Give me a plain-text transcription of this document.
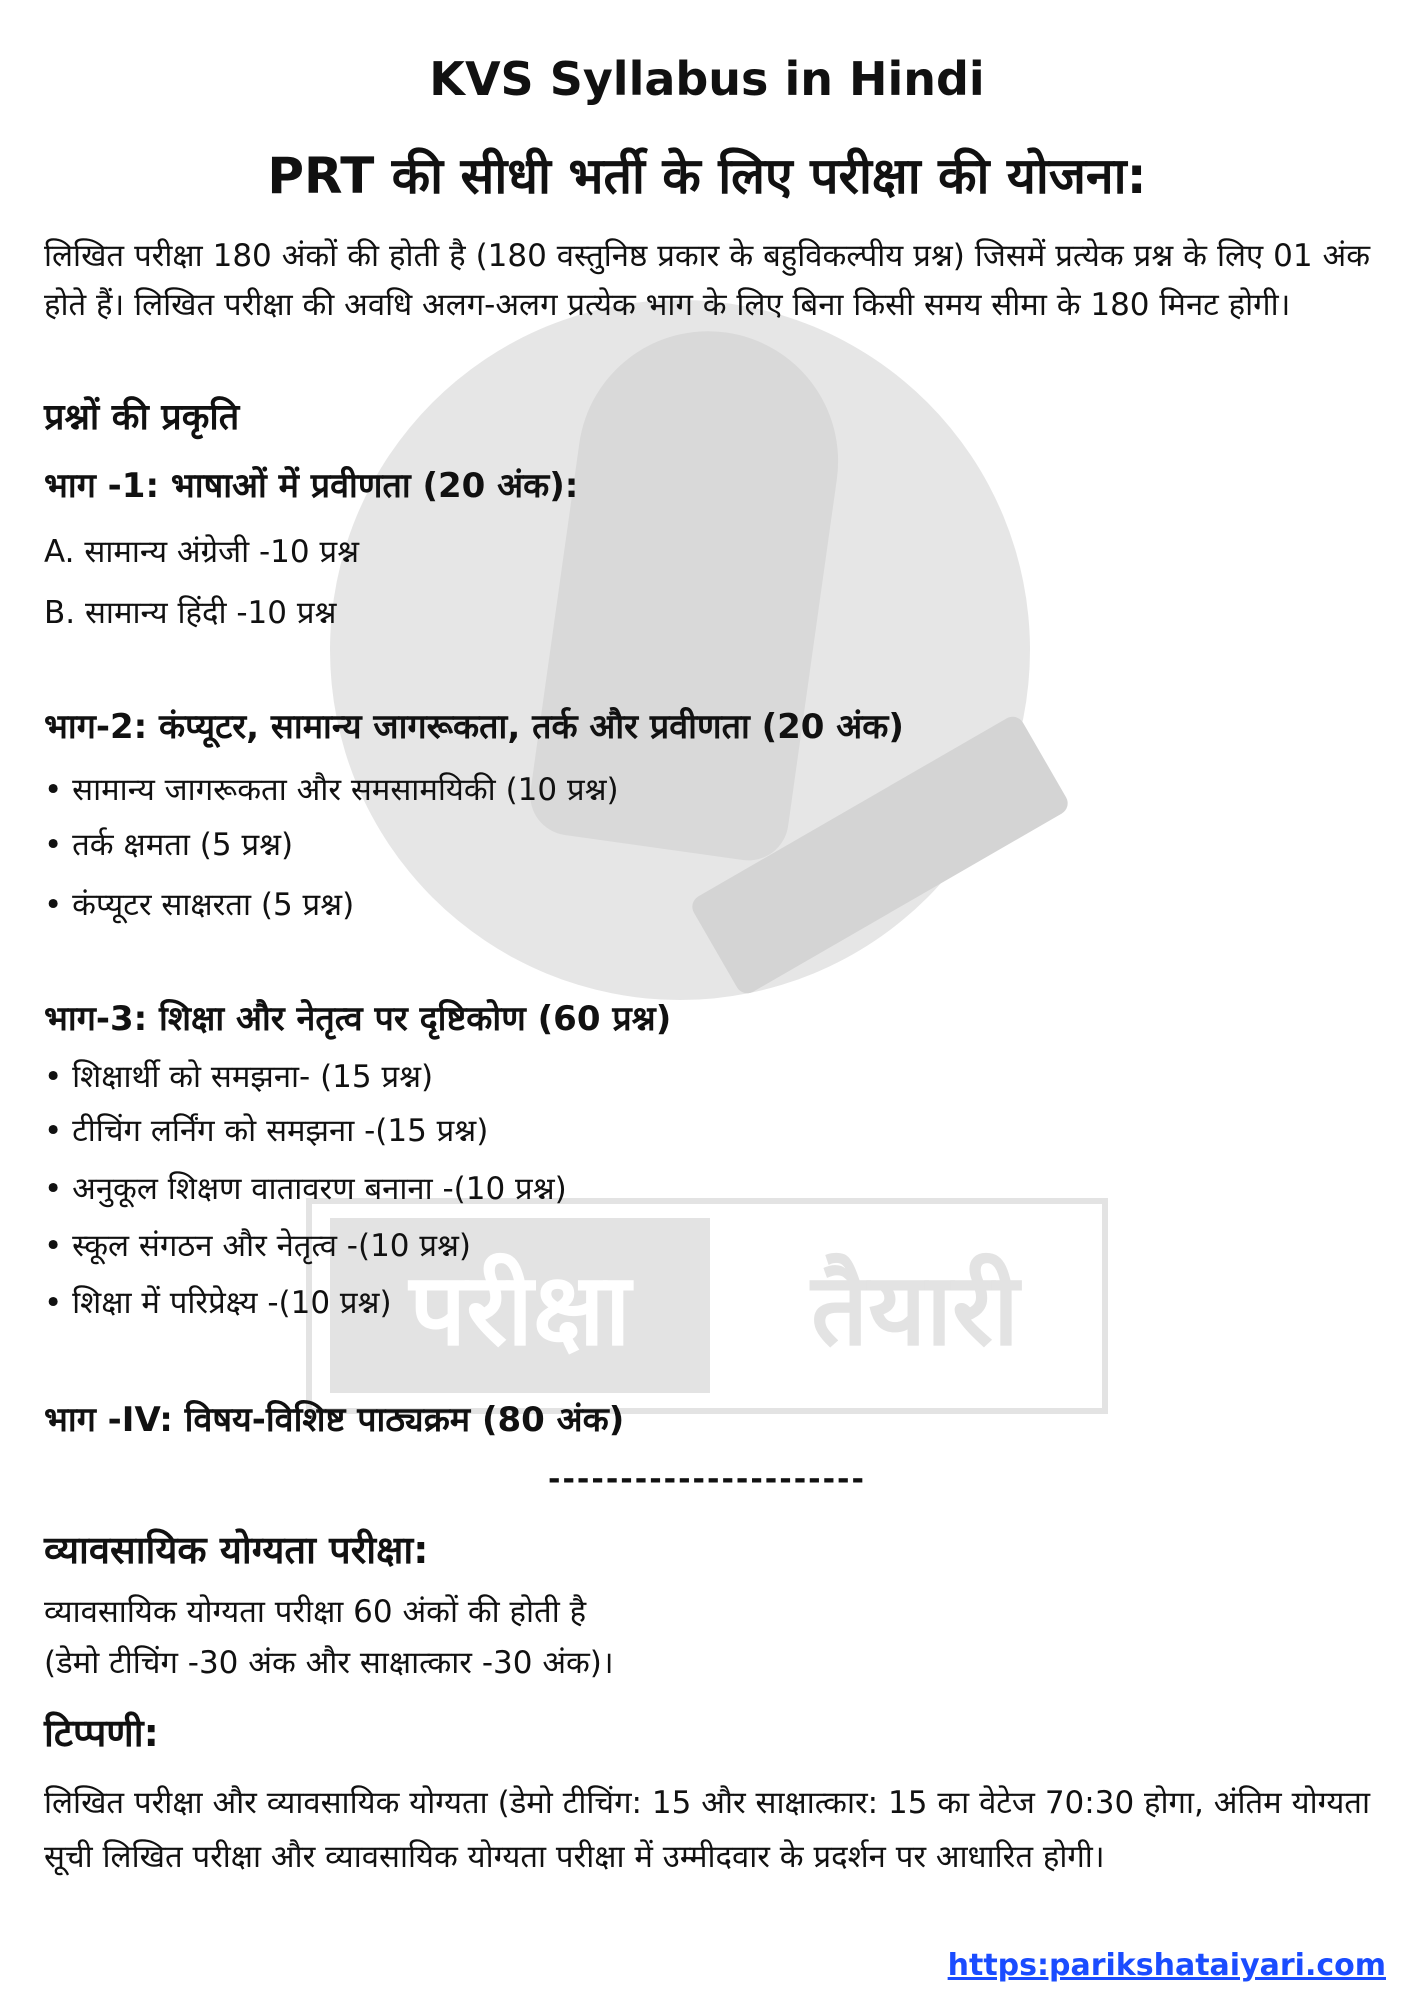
परीक्षा	तैयारी
KVS Syllabus in Hindi
PRT की सीधी भर्ती के लिए परीक्षा की योजना:
लिखित परीक्षा 180 अंकों की होती है (180 वस्तुनिष्ठ प्रकार के बहुविकल्पीय प्रश्न) जिसमें प्रत्येक प्रश्न के लिए 01 अंक होते हैं। लिखित परीक्षा की अवधि अलग-अलग प्रत्येक भाग के लिए बिना किसी समय सीमा के 180 मिनट होगी।
प्रश्नों की प्रकृति
भाग -1: भाषाओं में प्रवीणता (20 अंक):
A. सामान्य अंग्रेजी -10 प्रश्न
B. सामान्य हिंदी -10 प्रश्न
भाग-2: कंप्यूटर, सामान्य जागरूकता, तर्क और प्रवीणता (20 अंक)
• सामान्य जागरूकता और समसामयिकी (10 प्रश्न)
• तर्क क्षमता (5 प्रश्न)
• कंप्यूटर साक्षरता (5 प्रश्न)
भाग-3: शिक्षा और नेतृत्व पर दृष्टिकोण (60 प्रश्न)
• शिक्षार्थी को समझना- (15 प्रश्न)
• टीचिंग लर्निंग को समझना -(15 प्रश्न)
• अनुकूल शिक्षण वातावरण बनाना -(10 प्रश्न)
• स्कूल संगठन और नेतृत्व -(10 प्रश्न)
• शिक्षा में परिप्रेक्ष्य -(10 प्रश्न)
भाग -IV: विषय-विशिष्ट पाठ्यक्रम (80 अंक)
----------------------
व्यावसायिक योग्यता परीक्षा:
व्यावसायिक योग्यता परीक्षा 60 अंकों की होती है
(डेमो टीचिंग -30 अंक और साक्षात्कार -30 अंक)।
टिप्पणी:
लिखित परीक्षा और व्यावसायिक योग्यता (डेमो टीचिंग: 15 और साक्षात्कार: 15 का वेटेज 70:30 होगा, अंतिम योग्यता सूची लिखित परीक्षा और व्यावसायिक योग्यता परीक्षा में उम्मीदवार के प्रदर्शन पर आधारित होगी।
https:parikshataiyari.com
